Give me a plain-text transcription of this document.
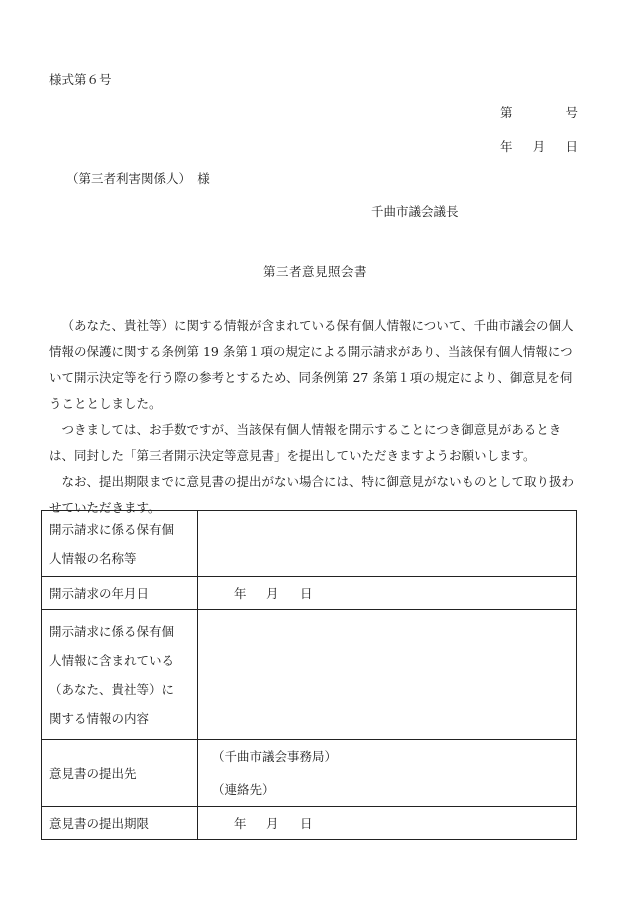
様式第６号
第	号
年 月 日
（第三者利害関係人）　様
千曲市議会議長
第三者意見照会書

（あなた、貴社等）に関する情報が含まれている保有個人情報について、千曲市議会の個人情報の保護に関する条例第 19 条第１項の規定による開示請求があり、当該保有個人情報について開示決定等を行う際の参考とするため、同条例第 27 条第１項の規定により、御意見を伺うこととしました。

つきましては、お手数ですが、当該保有個人情報を開示することにつき御意見があるときは、同封した「第三者開示決定等意見書」を提出していただきますようお願いします。

なお、提出期限までに意見書の提出がない場合には、特に御意見がないものとして取り扱わせていただきます。

開示請求に係る保有個
人情報の名称等	

開示請求の年月日	年 月 日

開示請求に係る保有個
人情報に含まれている
（あなた、貴社等）に
関する情報の内容	

意見書の提出先	（千曲市議会事務局）
（連絡先）

意見書の提出期限	年 月 日
